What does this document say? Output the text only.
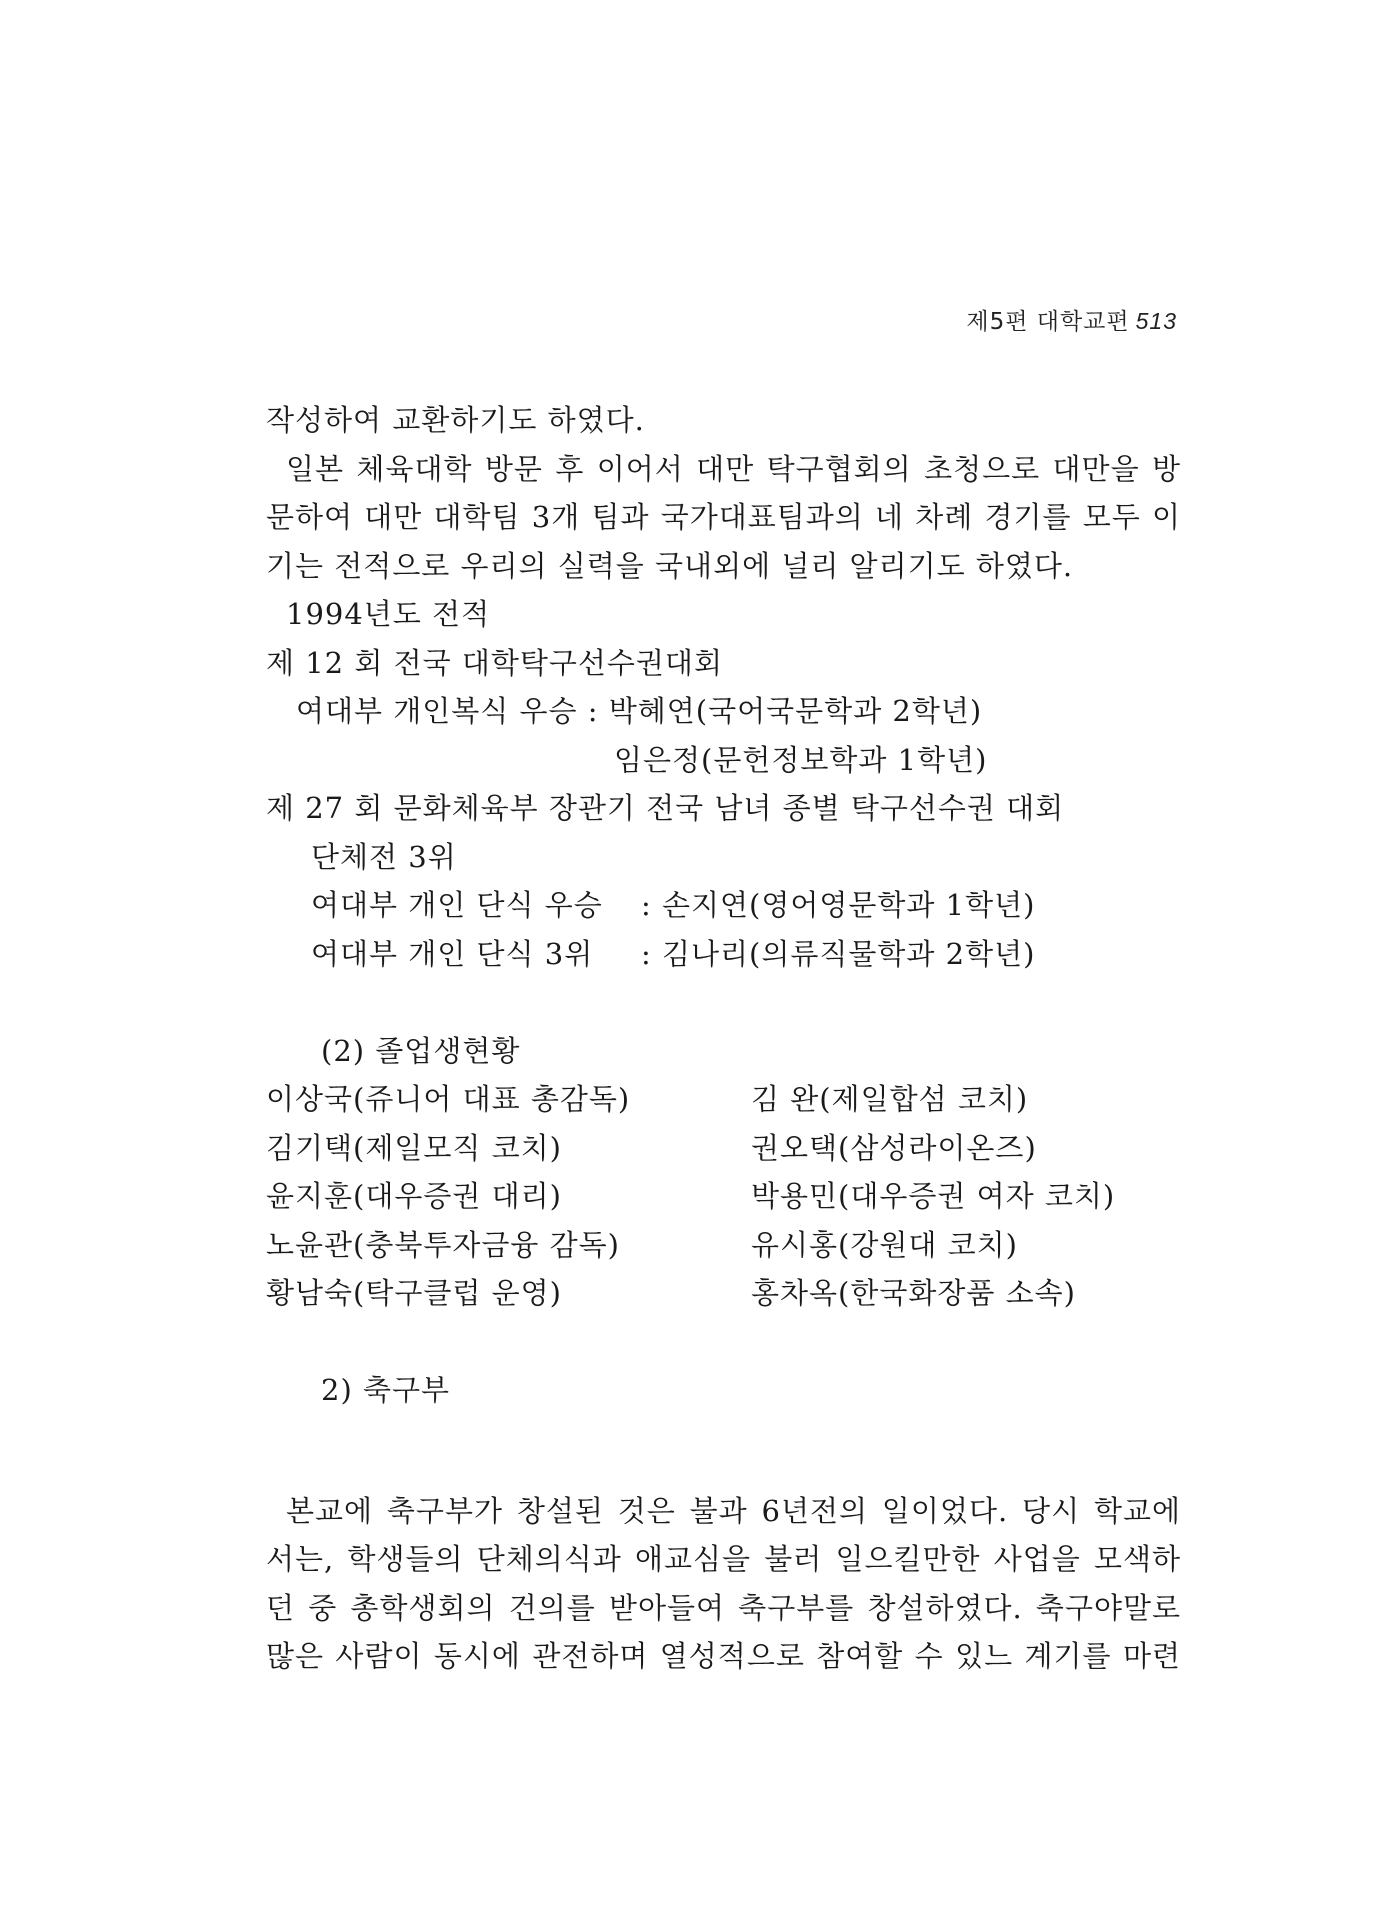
제5편 대학교편 513
작성하여 교환하기도 하였다.
일본 체육대학 방문 후 이어서 대만 탁구협회의 초청으로 대만을 방
문하여 대만 대학팀 3개 팀과 국가대표팀과의 네 차례 경기를 모두 이
기는 전적으로 우리의 실력을 국내외에 널리 알리기도 하였다.
1994년도 전적
제 12 회 전국 대학탁구선수권대회
여대부 개인복식 우승 : 박혜연(국어국문학과 2학년)
임은정(문헌정보학과 1학년)
제 27 회 문화체육부 장관기 전국 남녀 종별 탁구선수권 대회
단체전 3위
여대부 개인 단식 우승 : 손지연(영어영문학과 1학년)
여대부 개인 단식 3위 : 김나리(의류직물학과 2학년)
(2) 졸업생현황
이상국(쥬니어 대표 총감독)	김 완(제일합섬 코치)
김기택(제일모직 코치)	권오택(삼성라이온즈)
윤지훈(대우증권 대리)	박용민(대우증권 여자 코치)
노윤관(충북투자금융 감독)	유시홍(강원대 코치)
황남숙(탁구클럽 운영)	홍차옥(한국화장품 소속)
2) 축구부
본교에 축구부가 창설된 것은 불과 6년전의 일이었다. 당시 학교에
서는, 학생들의 단체의식과 애교심을 불러 일으킬만한 사업을 모색하
던 중 총학생회의 건의를 받아들여 축구부를 창설하였다. 축구야말로
많은 사람이 동시에 관전하며 열성적으로 참여할 수 있느 계기를 마련
